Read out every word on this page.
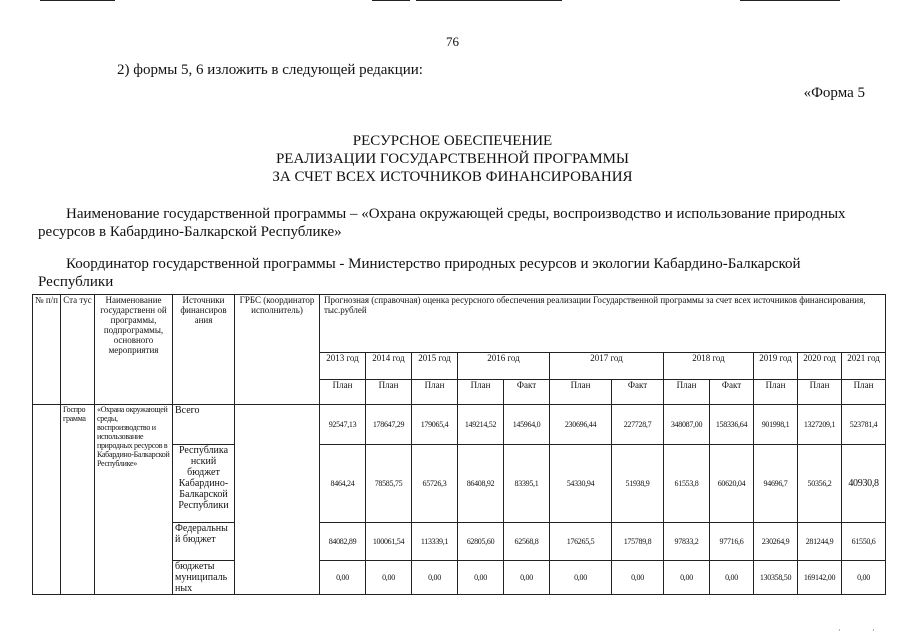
76
2) формы 5, 6 изложить в следующей редакции:
«Форма 5
РЕСУРСНОЕ ОБЕСПЕЧЕНИЕ
РЕАЛИЗАЦИИ ГОСУДАРСТВЕННОЙ ПРОГРАММЫ
ЗА СЧЕТ ВСЕХ ИСТОЧНИКОВ ФИНАНСИРОВАНИЯ
Наименование государственной программы – «Охрана окружающей среды, воспроизводство и использование природных
ресурсов в Кабардино-Балкарской Республике»
Координатор государственной программы - Министерство природных ресурсов и экологии Кабардино-Балкарской
Республики
№ п/п	Ста тус	Наименование государственн ой программы, подпрограммы, основного мероприятия	Источники финансиров ания	ГРБС (координатор исполнитель)	Прогнозная (справочная) оценка ресурсного обеспечения реализации Государственной программы за счет всех источников финансирования, тыс.рублей											
					2013 год	2014 год	2015 год	2016 год		2017 год		2018 год		2019 год	2020 год	2021 год
					План	План	План	План	Факт	План	Факт	План	Факт	План	План	План
	Госпро грамма	«Охрана окружающей среды, воспроизводство и использование природных ресурсов в Кабардино-Балкарской Республике»	Всего		92547,13	178647,29	179065,4	149214,52	145964,0	230696,44	227728,7	348087,00	158336,64	901998,1	1327209,1	523781,4
			Республика нский бюджет Кабардино-Балкарской Республики		8464,24	78585,75	65726,3	86408,92	83395,1	54330,94	51938,9	61553,8	60620,04	94696,7	50356,2	40930,8
			Федеральны й бюджет		84082,89	100061,54	113339,1	62805,60	62568,8	176265,5	175789,8	97833,2	97716,6	230264,9	281244,9	61550,6
			бюджеты муниципаль ных		0,00	0,00	0,00	0,00	0,00	0,00	0,00	0,00	0,00	130358,50	169142,00	0,00
·	·
